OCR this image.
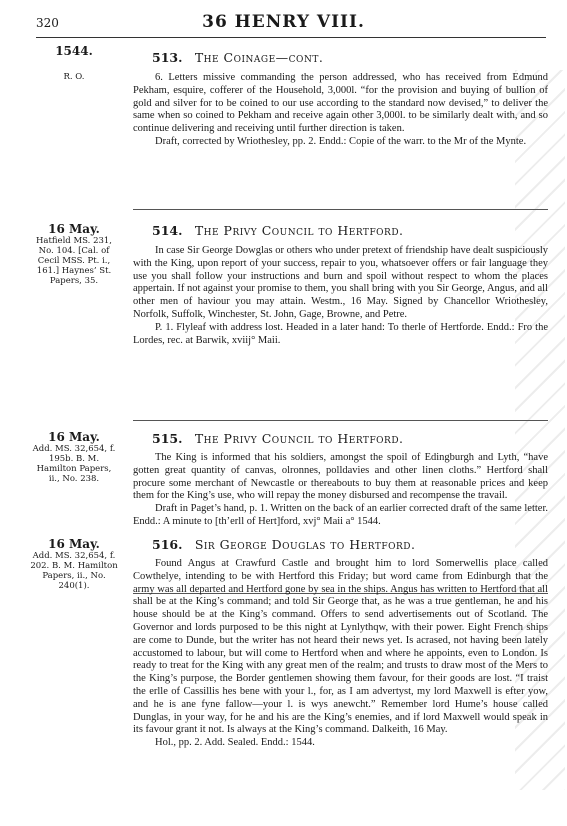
320	36 HENRY VIII.
1544.
R. O.
513. The Coinage—cont.

6. Letters missive commanding the person addressed, who has received from Edmund Pekham, esquire, cofferer of the Household, 3,000l. “for the provision and buying of bullion of gold and silver for to be coined to our use according to the standard now devised,” to deliver the same when so coined to Pekham and receive again other 3,000l. to be similarly dealt with, and so continue delivering and receiving until further direction is taken.

Draft, corrected by Wriothesley, pp. 2. Endd.: Copie of the warr. to the Mr of the Mynte.

16 May.
Hatfield MS. 231, No. 104. [Cal. of Cecil MSS. Pt. i., 161.] Haynes’ St. Papers, 35.
514. The Privy Council to Hertford.

In case Sir George Dowglas or others who under pretext of friendship have dealt suspiciously with the King, upon report of your success, repair to you, whatsoever offers or fair language they use you shall follow your instructions and burn and spoil without respect to whom the places appertain. If not against your promise to them, you shall bring with you Sir George, Angus, and all other men of haviour you may attain. Westm., 16 May. Signed by Chancellor Wriothesley, Norfolk, Suffolk, Winchester, St. John, Gage, Browne, and Petre.

P. 1. Flyleaf with address lost. Headed in a later hand: To therle of Hertforde. Endd.: Fro the Lordes, rec. at Barwik, xviij° Maii.

16 May.
Add. MS. 32,654, f. 195b. B. M. Hamilton Papers, ii., No. 238.
515. The Privy Council to Hertford.

The King is informed that his soldiers, amongst the spoil of Edingburgh and Lyth, “have gotten great quantity of canvas, olronnes, polldavies and other linen cloths.” Hertford shall procure some merchant of Newcastle or thereabouts to buy them at reasonable prices and keep them for the King’s use, who will repay the money disbursed and recompense the travail.

Draft in Paget’s hand, p. 1. Written on the back of an earlier corrected draft of the same letter. Endd.: A minute to [th’erll of Hert]ford, xvj° Maii a° 1544.

16 May.
Add. MS. 32,654, f. 202. B. M. Hamilton Papers, ii., No. 240(1).
516. Sir George Douglas to Hertford.

Found Angus at Crawfurd Castle and brought him to lord Somerwellis place called Cowthelye, intending to be with Hertford this Friday; but word came from Edinburgh that the army was all departed and Hertford gone by sea in the ships. Angus has written to Hertford that all shall be at the King’s command; and told Sir George that, as he was a true gentleman, he and his house should be at the King’s command. Offers to send advertisements out of Scotland. The Governor and lords purposed to be this night at Lynlythqw, with their power. Eight French ships are come to Dunde, but the writer has not heard their news yet. Is acrased, not having been lately accustomed to labour, but will come to Hertford when and where he appoints, even to London. Is ready to treat for the King with any great men of the realm; and trusts to draw most of the Mers to the King’s purpose, the Border gentlemen showing them favour, for their goods are lost. “I traist the erlle of Cassillis hes bene with your l., for, as I am advertyst, my lord Maxwell is efter yow, and he is ane fyne fallow—your l. is wys anewcht.” Remember lord Hume’s house called Dunglas, in your way, for he and his are the King’s enemies, and if lord Maxwell would speak in its favour grant it not. Is always at the King’s command. Dalkeith, 16 May.

Hol., pp. 2. Add. Sealed. Endd.: 1544.
